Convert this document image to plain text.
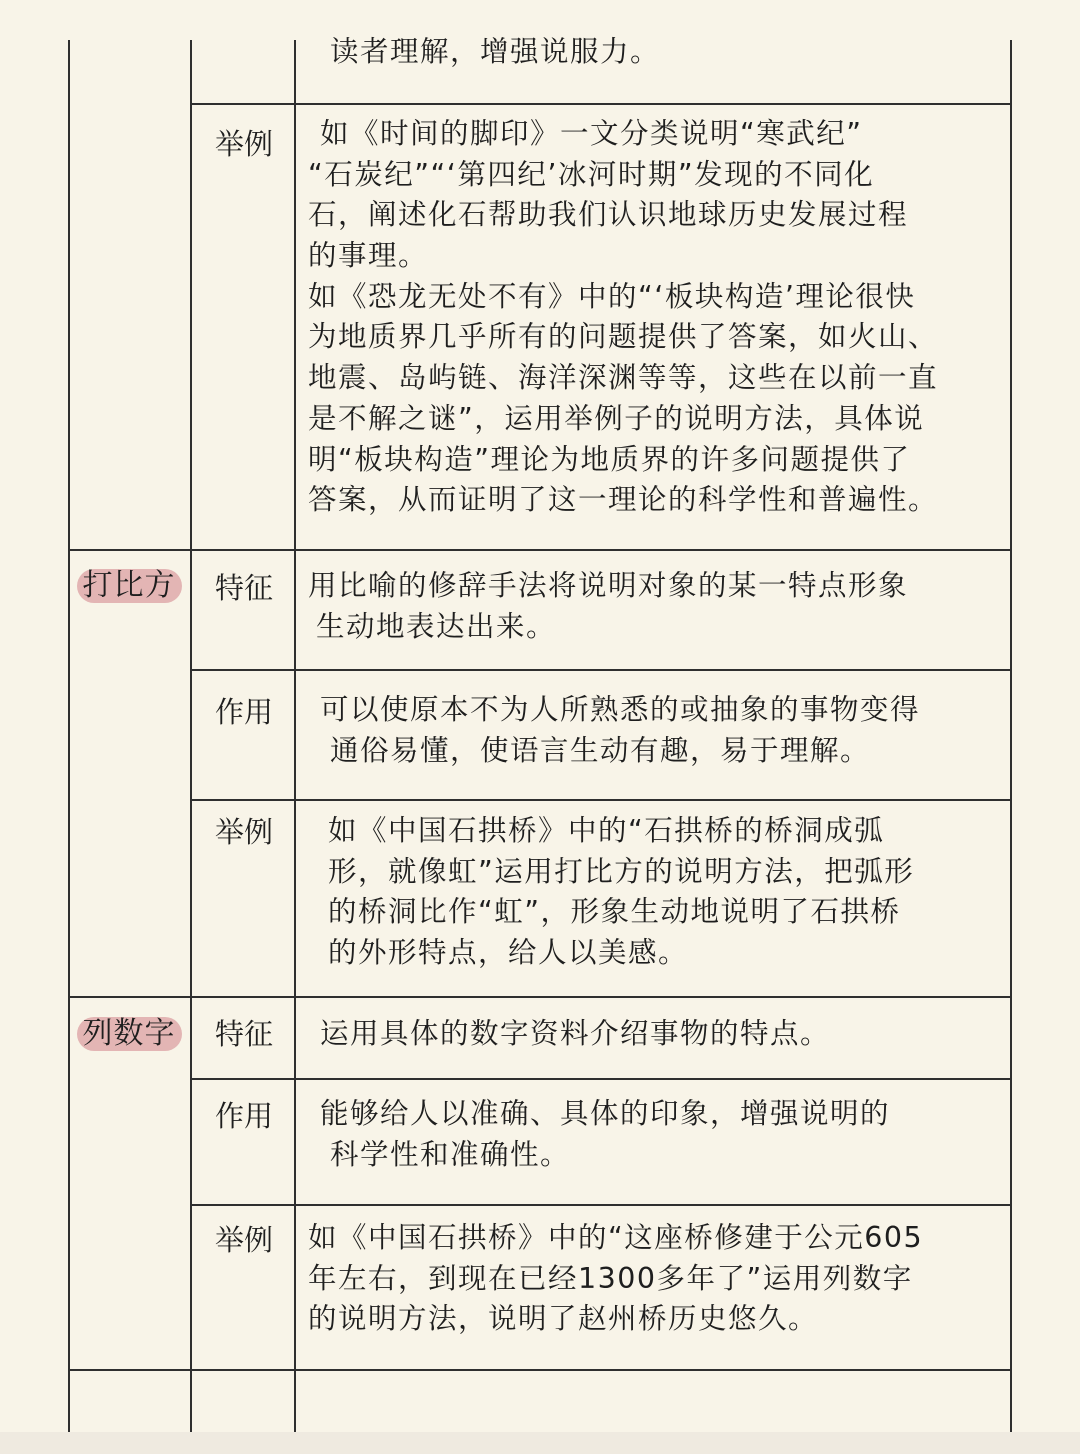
读者理解，增强说服力。
举例	如《时间的脚印》一文分类说明“寒武纪”
“石炭纪”“‘第四纪’冰河时期”发现的不同化
石，阐述化石帮助我们认识地球历史发展过程
的事理。
如《恐龙无处不有》中的“‘板块构造’理论很快
为地质界几乎所有的问题提供了答案，如火山、
地震、岛屿链、海洋深渊等等，这些在以前一直
是不解之谜”，运用举例子的说明方法，具体说
明“板块构造”理论为地质界的许多问题提供了
答案，从而证明了这一理论的科学性和普遍性。
打比方	特征	用比喻的修辞手法将说明对象的某一特点形象
生动地表达出来。
作用	可以使原本不为人所熟悉的或抽象的事物变得
通俗易懂，使语言生动有趣，易于理解。
举例	如《中国石拱桥》中的“石拱桥的桥洞成弧
形，就像虹”运用打比方的说明方法，把弧形
的桥洞比作“虹”，形象生动地说明了石拱桥
的外形特点，给人以美感。
列数字	特征	运用具体的数字资料介绍事物的特点。
作用	能够给人以准确、具体的印象，增强说明的
科学性和准确性。
举例	如《中国石拱桥》中的“这座桥修建于公元605
年左右，到现在已经1300多年了”运用列数字
的说明方法，说明了赵州桥历史悠久。
